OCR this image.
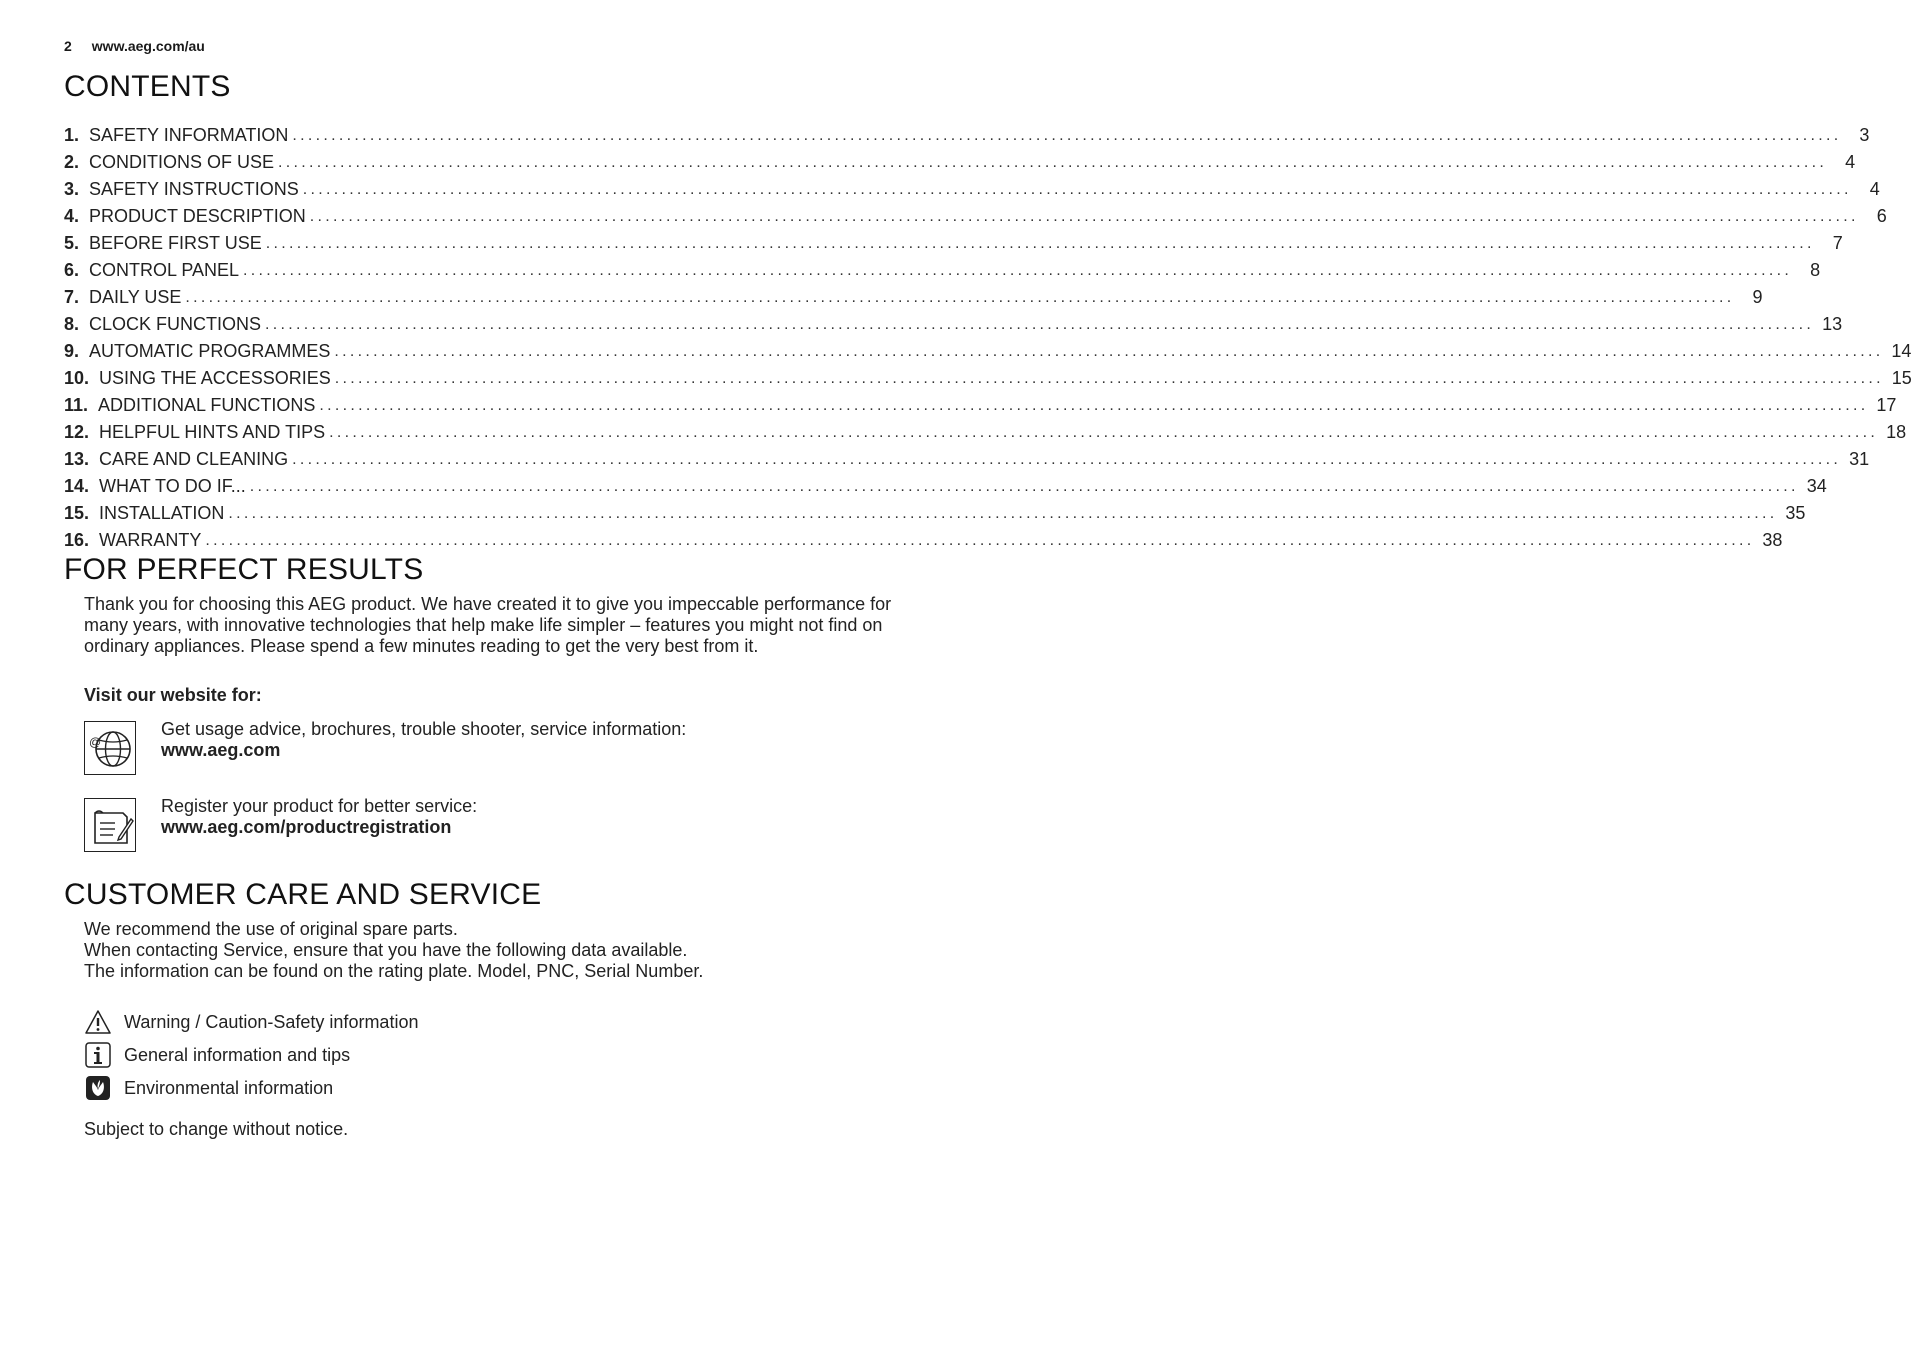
2 www.aeg.com/au
CONTENTS
1. SAFETY INFORMATION ........................................................................................................................................................................................................ 3
2. CONDITIONS OF USE ........................................................................................................................................................................................................ 4
3. SAFETY INSTRUCTIONS ........................................................................................................................................................................................................ 4
4. PRODUCT DESCRIPTION ........................................................................................................................................................................................................ 6
5. BEFORE FIRST USE ........................................................................................................................................................................................................ 7
6. CONTROL PANEL ........................................................................................................................................................................................................ 8
7. DAILY USE ........................................................................................................................................................................................................ 9
8. CLOCK FUNCTIONS ........................................................................................................................................................................................................ 13
9. AUTOMATIC PROGRAMMES ........................................................................................................................................................................................................ 14
10. USING THE ACCESSORIES ........................................................................................................................................................................................................ 15
11. ADDITIONAL FUNCTIONS ........................................................................................................................................................................................................ 17
12. HELPFUL HINTS AND TIPS ........................................................................................................................................................................................................ 18
13. CARE AND CLEANING ........................................................................................................................................................................................................ 31
14. WHAT TO DO IF... ........................................................................................................................................................................................................ 34
15. INSTALLATION ........................................................................................................................................................................................................ 35
16. WARRANTY ........................................................................................................................................................................................................ 38
FOR PERFECT RESULTS
Thank you for choosing this AEG product. We have created it to give you impeccable performance for many years, with innovative technologies that help make life simpler – features you might not find on ordinary appliances. Please spend a few minutes reading to get the very best from it.
Visit our website for:
@
Get usage advice, brochures, trouble shooter, service information:
www.aeg.com
Register your product for better service:
www.aeg.com/productregistration
CUSTOMER CARE AND SERVICE
We recommend the use of original spare parts.
When contacting Service, ensure that you have the following data available.
The information can be found on the rating plate. Model, PNC, Serial Number.
Warning / Caution-Safety information
General information and tips
Environmental information
Subject to change without notice.
